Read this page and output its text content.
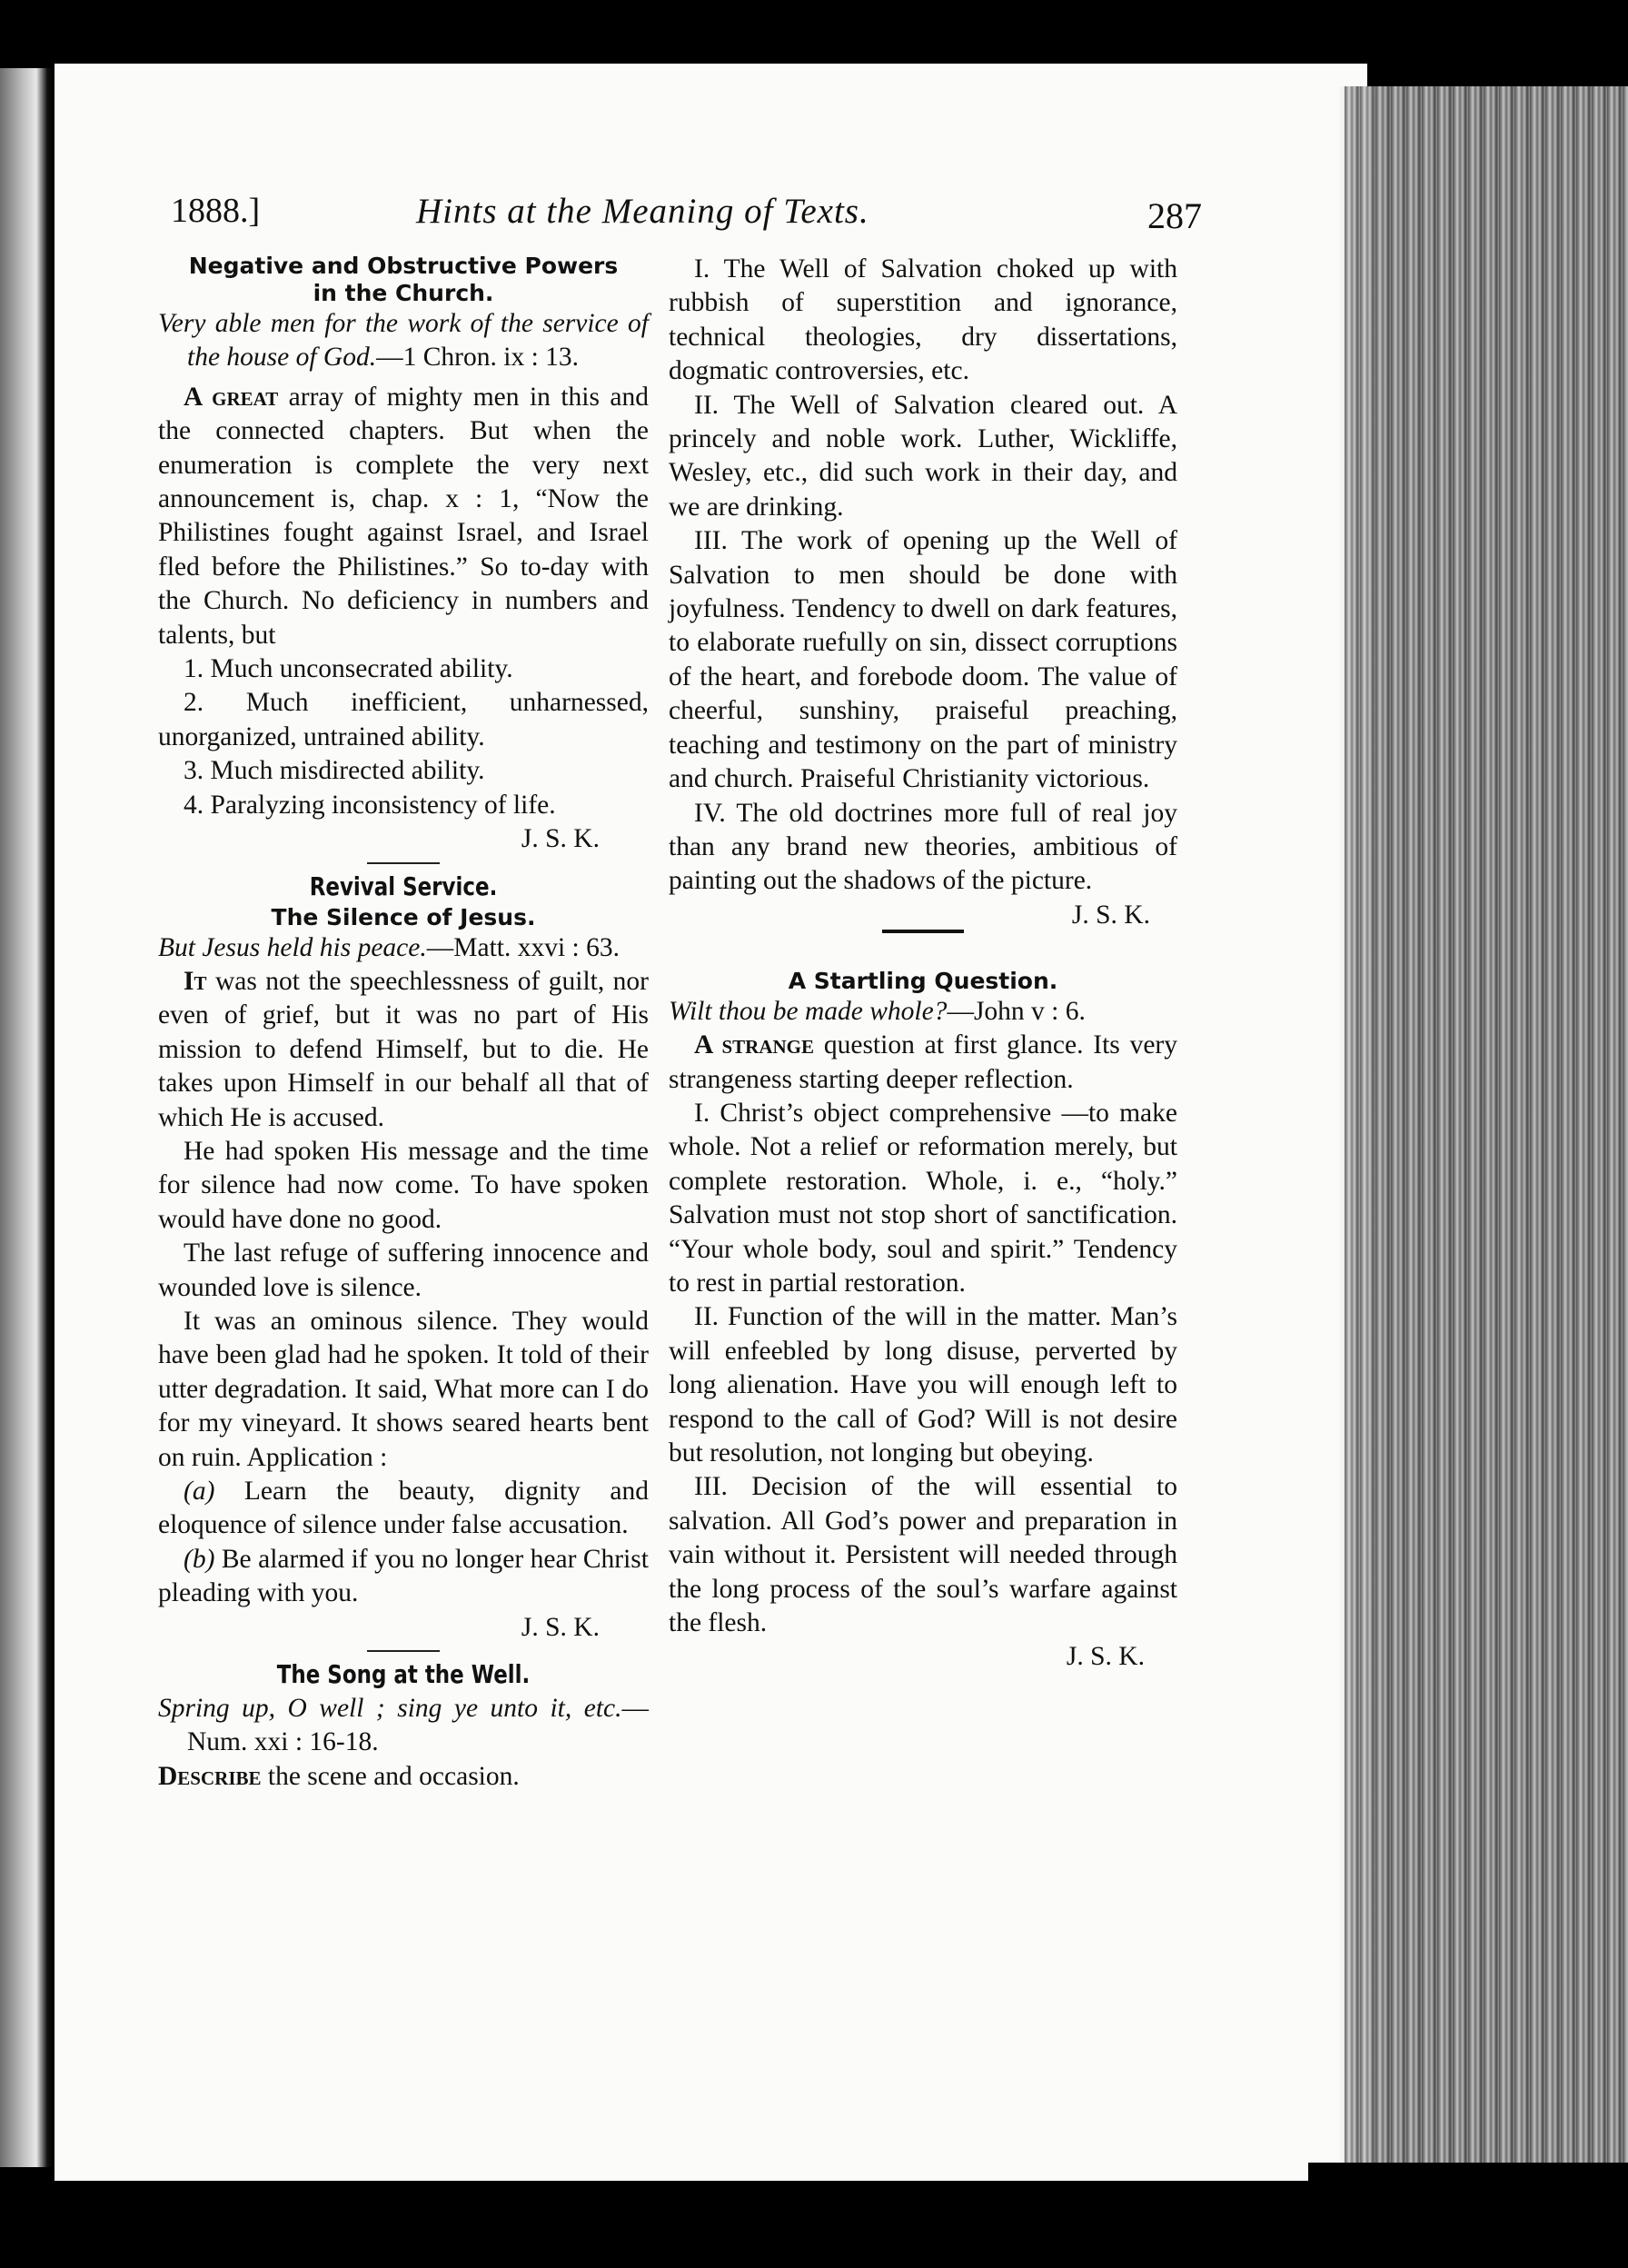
1888.]	Hints at the Meaning of Texts.	287

Negative and Obstructive Powers

in the Church.

Very able men for the work of the service of the house of God.—1 Chron. ix : 13.

A great array of mighty men in this and the connected chapters. But when the enumeration is complete the very next announcement is, chap. x : 1, “Now the Philistines fought against Israel, and Israel fled before the Philistines.” So to-day with the Church. No deficiency in numbers and talents, but

1. Much unconsecrated ability.

2. Much inefficient, unharnessed, unorganized, untrained ability.

3. Much misdirected ability.

4. Paralyzing inconsistency of life.

J. S. K.

Revival Service.

The Silence of Jesus.

But Jesus held his peace.—Matt. xxvi : 63.

It was not the speechlessness of guilt, nor even of grief, but it was no part of His mission to defend Himself, but to die. He takes upon Himself in our behalf all that of which He is accused.

He had spoken His message and the time for silence had now come. To have spoken would have done no good.

The last refuge of suffering innocence and wounded love is silence.

It was an ominous silence. They would have been glad had he spoken. It told of their utter degradation. It said, What more can I do for my vineyard. It shows seared hearts bent on ruin. Application :

(a) Learn the beauty, dignity and eloquence of silence under false accusation.

(b) Be alarmed if you no longer hear Christ pleading with you.

J. S. K.

The Song at the Well.

Spring up, O well ; sing ye unto it, etc.—Num. xxi : 16-18.

Describe the scene and occasion.

I. The Well of Salvation choked up with rubbish of superstition and ignorance, technical theologies, dry dissertations, dogmatic controversies, etc.

II. The Well of Salvation cleared out. A princely and noble work. Luther, Wickliffe, Wesley, etc., did such work in their day, and we are drinking.

III. The work of opening up the Well of Salvation to men should be done with joyfulness. Tendency to dwell on dark features, to elaborate ruefully on sin, dissect corruptions of the heart, and forebode doom. The value of cheerful, sunshiny, praiseful preaching, teaching and testimony on the part of ministry and church. Praiseful Christianity victorious.

IV. The old doctrines more full of real joy than any brand new theories, ambitious of painting out the shadows of the picture.
J. S. K.

A Startling Question.

Wilt thou be made whole?—John v : 6.

A strange question at first glance. Its very strangeness starting deeper reflection.

I. Christ’s object comprehensive —to make whole. Not a relief or reformation merely, but complete restoration. Whole, i. e., “holy.” Salvation must not stop short of sanctification. “Your whole body, soul and spirit.” Tendency to rest in partial restoration.

II. Function of the will in the matter. Man’s will enfeebled by long disuse, perverted by long alienation. Have you will enough left to respond to the call of God? Will is not desire but resolution, not longing but obeying.

III. Decision of the will essential to salvation. All God’s power and preparation in vain without it. Persistent will needed through the long process of the soul’s warfare against the flesh.

J. S. K.
